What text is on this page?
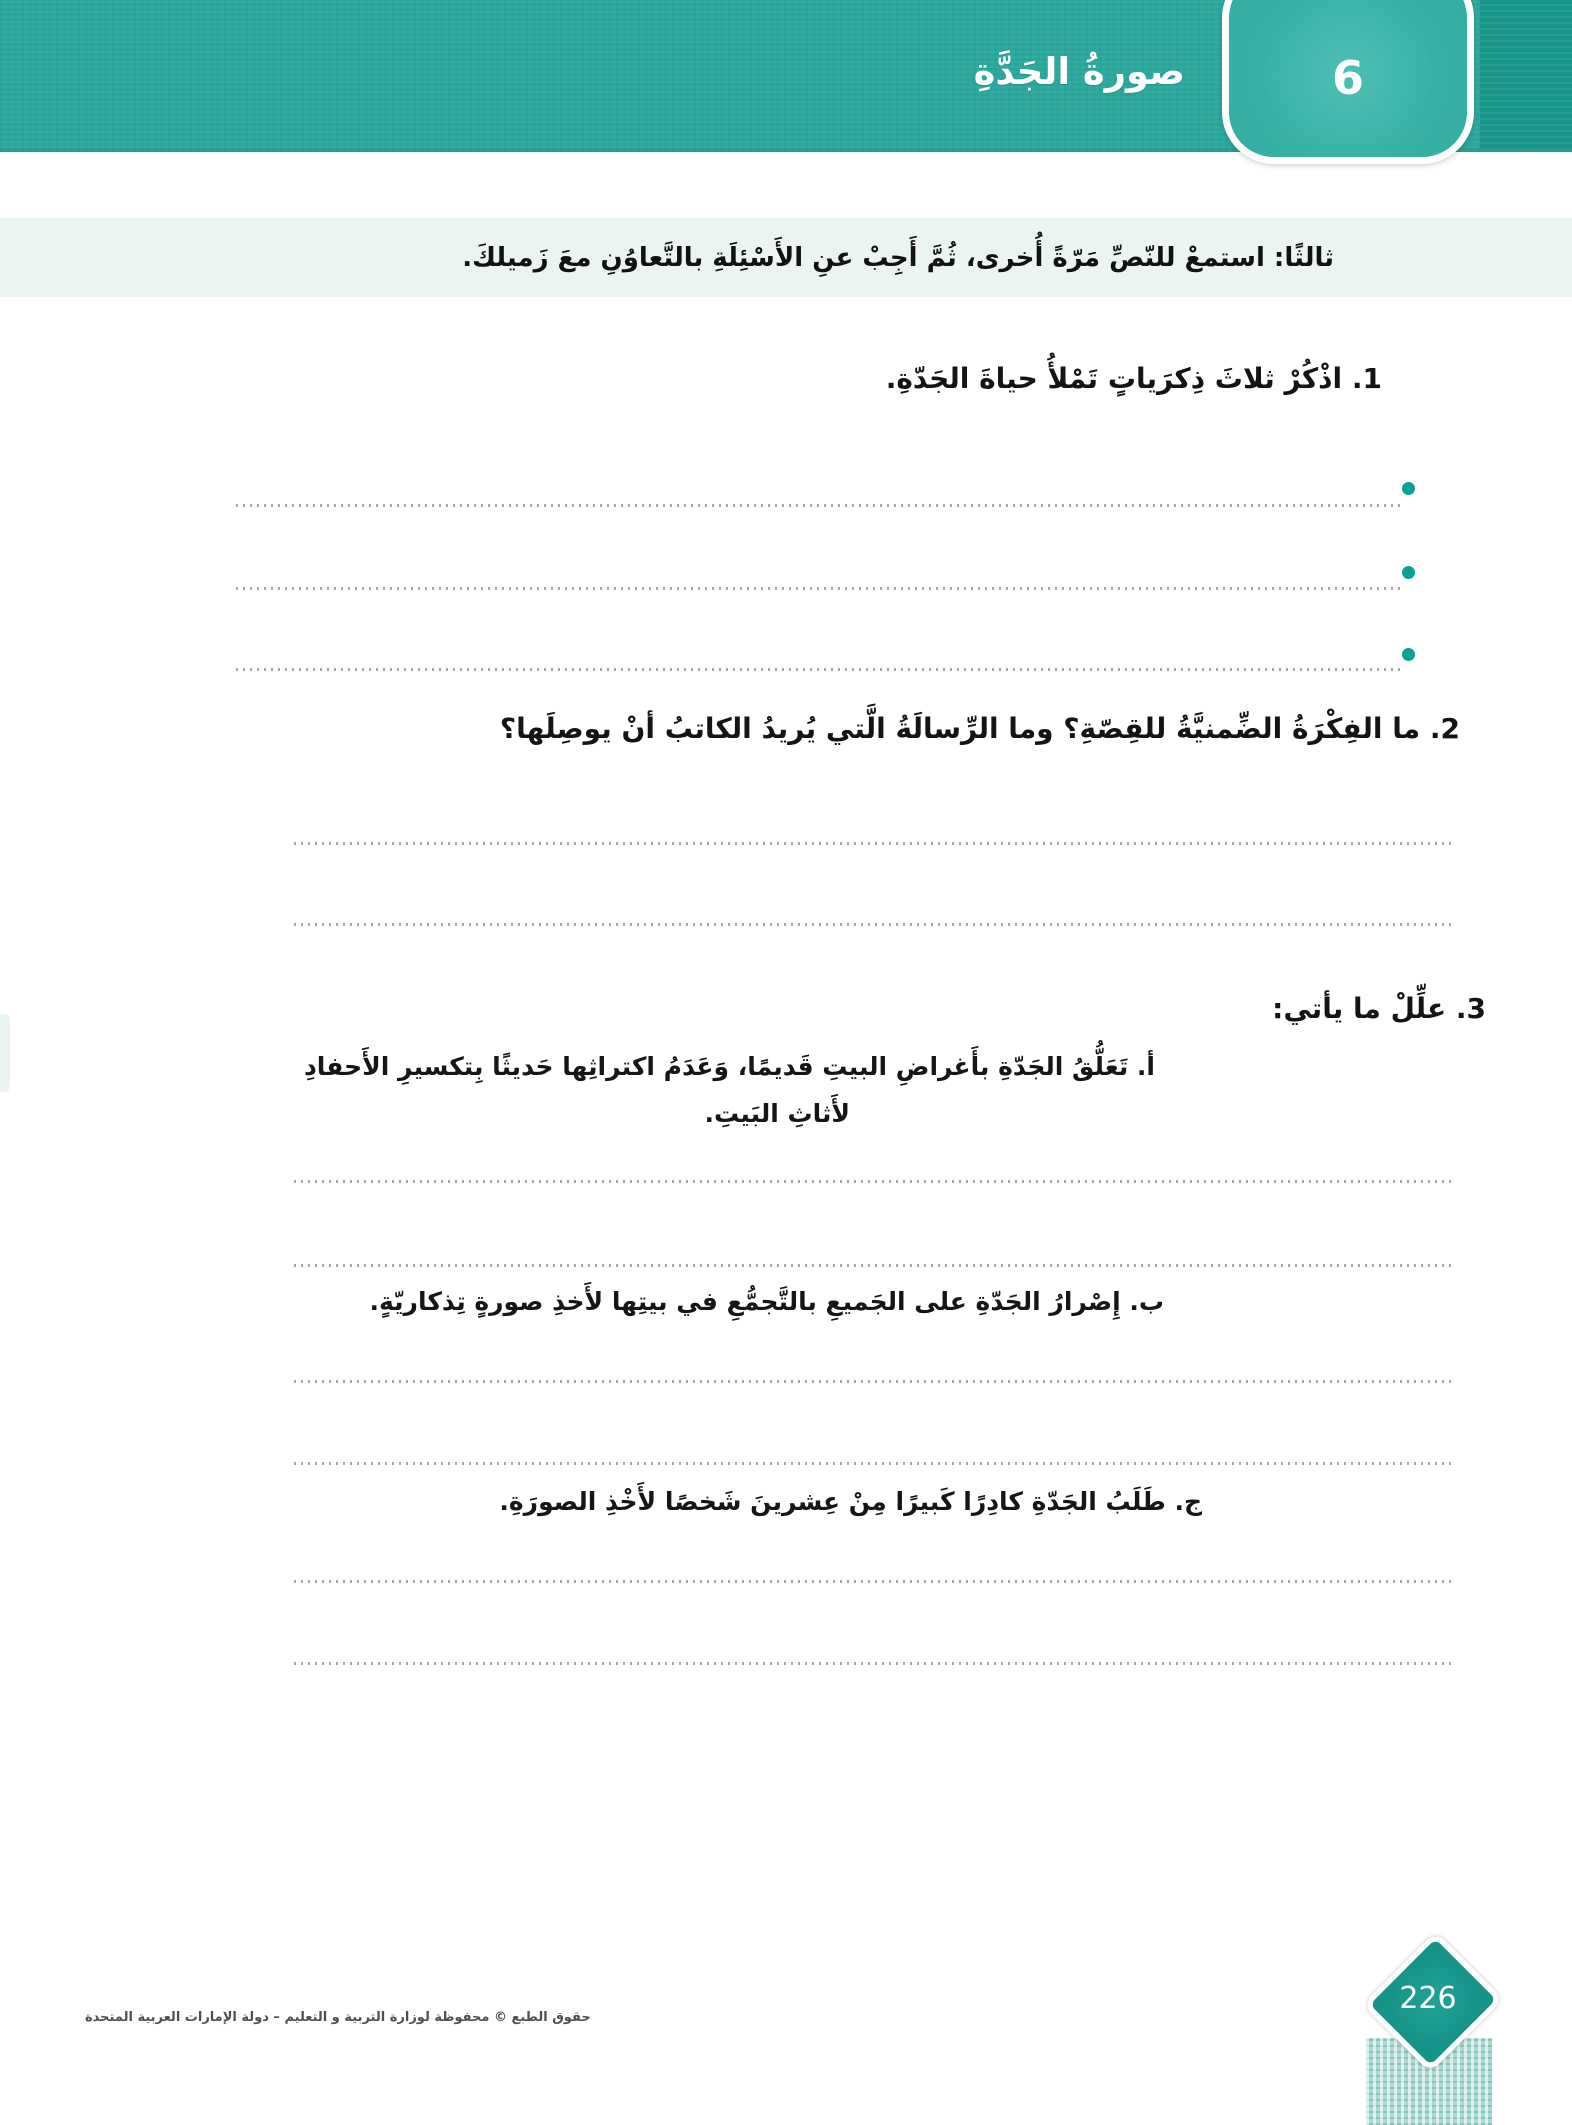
صورةُ الجَدَّةِ	6
ثالثًا: استمعْ للنّصِّ مَرّةً أُخرى، ثُمَّ أَجِبْ عنِ الأَسْئِلَةِ بالتَّعاوُنِ معَ زَميلكَ.
1. اذْكُرْ ثلاثَ ذِكرَياتٍ تَمْلأُ حياةَ الجَدّةِ.
2. ما الفِكْرَةُ الضِّمنيَّةُ للقِصّةِ؟ وما الرِّسالَةُ الَّتي يُريدُ الكاتبُ أنْ يوصِلَها؟
3. علِّلْ ما يأتي:
أ. تَعَلُّقُ الجَدّةِ بأَغراضِ البيتِ قَديمًا، وَعَدَمُ اكتراثِها حَديثًا بِتكسيرِ الأَحفادِ
لأَثاثِ البَيتِ.
ب. إِصْرارُ الجَدّةِ على الجَميعِ بالتَّجمُّعِ في بيتِها لأَخذِ صورةٍ تِذكاريّةٍ.
ج. طَلَبُ الجَدّةِ كادِرًا كَبيرًا مِنْ عِشرينَ شَخصًا لأَخْذِ الصورَةِ.
حقوق الطبع © محفوظة لوزارة التربية و التعليم – دولة الإمارات العربية المتحدة
226
